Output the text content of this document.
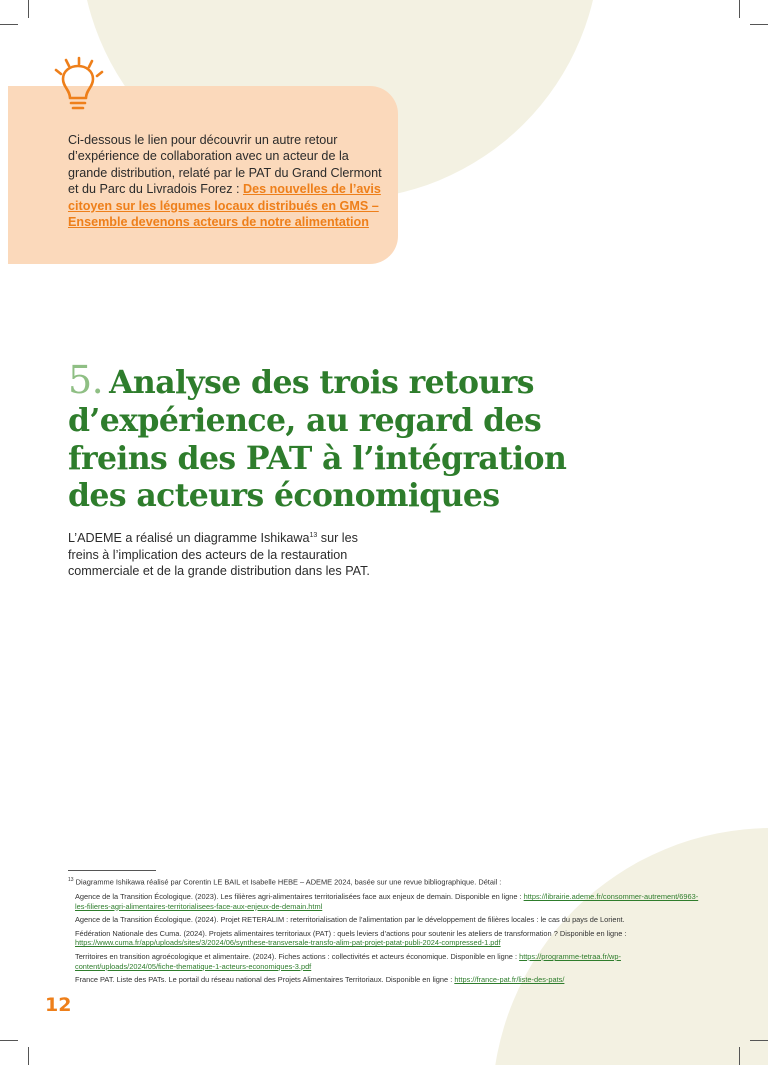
Ci-dessous le lien pour découvrir un autre retour d’expérience de collaboration avec un acteur de la grande distribution, relaté par le PAT du Grand Clermont et du Parc du Livradois Forez : Des nouvelles de l’avis citoyen sur les légumes locaux distribués en GMS – Ensemble devenons acteurs de notre alimentation
5. Analyse des trois retours d’expérience, au regard des freins des PAT à l’intégration des acteurs économiques

L’ADEME a réalisé un diagramme Ishikawa$^{13}$ sur les freins à l’implication des acteurs de la restauration commerciale et de la grande distribution dans les PAT.

$^{13}$ Diagramme Ishikawa réalisé par Corentin LE BAIL et Isabelle HEBE – ADEME 2024, basée sur une revue bibliographique. Détail :

Agence de la Transition Écologique. (2023). Les filières agri-alimentaires territorialisées face aux enjeux de demain. Disponible en ligne : https://librairie.ademe.fr/consommer-autrement/6963-les-filieres-agri-alimentaires-territorialisees-face-aux-enjeux-de-demain.html

Agence de la Transition Écologique. (2024). Projet RETERALIM : reterritorialisation de l’alimentation par le développement de filières locales : le cas du pays de Lorient.

Fédération Nationale des Cuma. (2024). Projets alimentaires territoriaux (PAT) : quels leviers d’actions pour soutenir les ateliers de transformation ? Disponible en ligne : https://www.cuma.fr/app/uploads/sites/3/2024/06/synthese-transversale-transfo-alim-pat-projet-patat-publi-2024-compressed-1.pdf

Territoires en transition agroécologique et alimentaire. (2024). Fiches actions : collectivités et acteurs économique. Disponible en ligne : https://programme-tetraa.fr/wp-content/uploads/2024/05/fiche-thematique-1-acteurs-economiques-3.pdf

France PAT. Liste des PATs. Le portail du réseau national des Projets Alimentaires Territoriaux. Disponible en ligne : https://france-pat.fr/liste-des-pats/

12
